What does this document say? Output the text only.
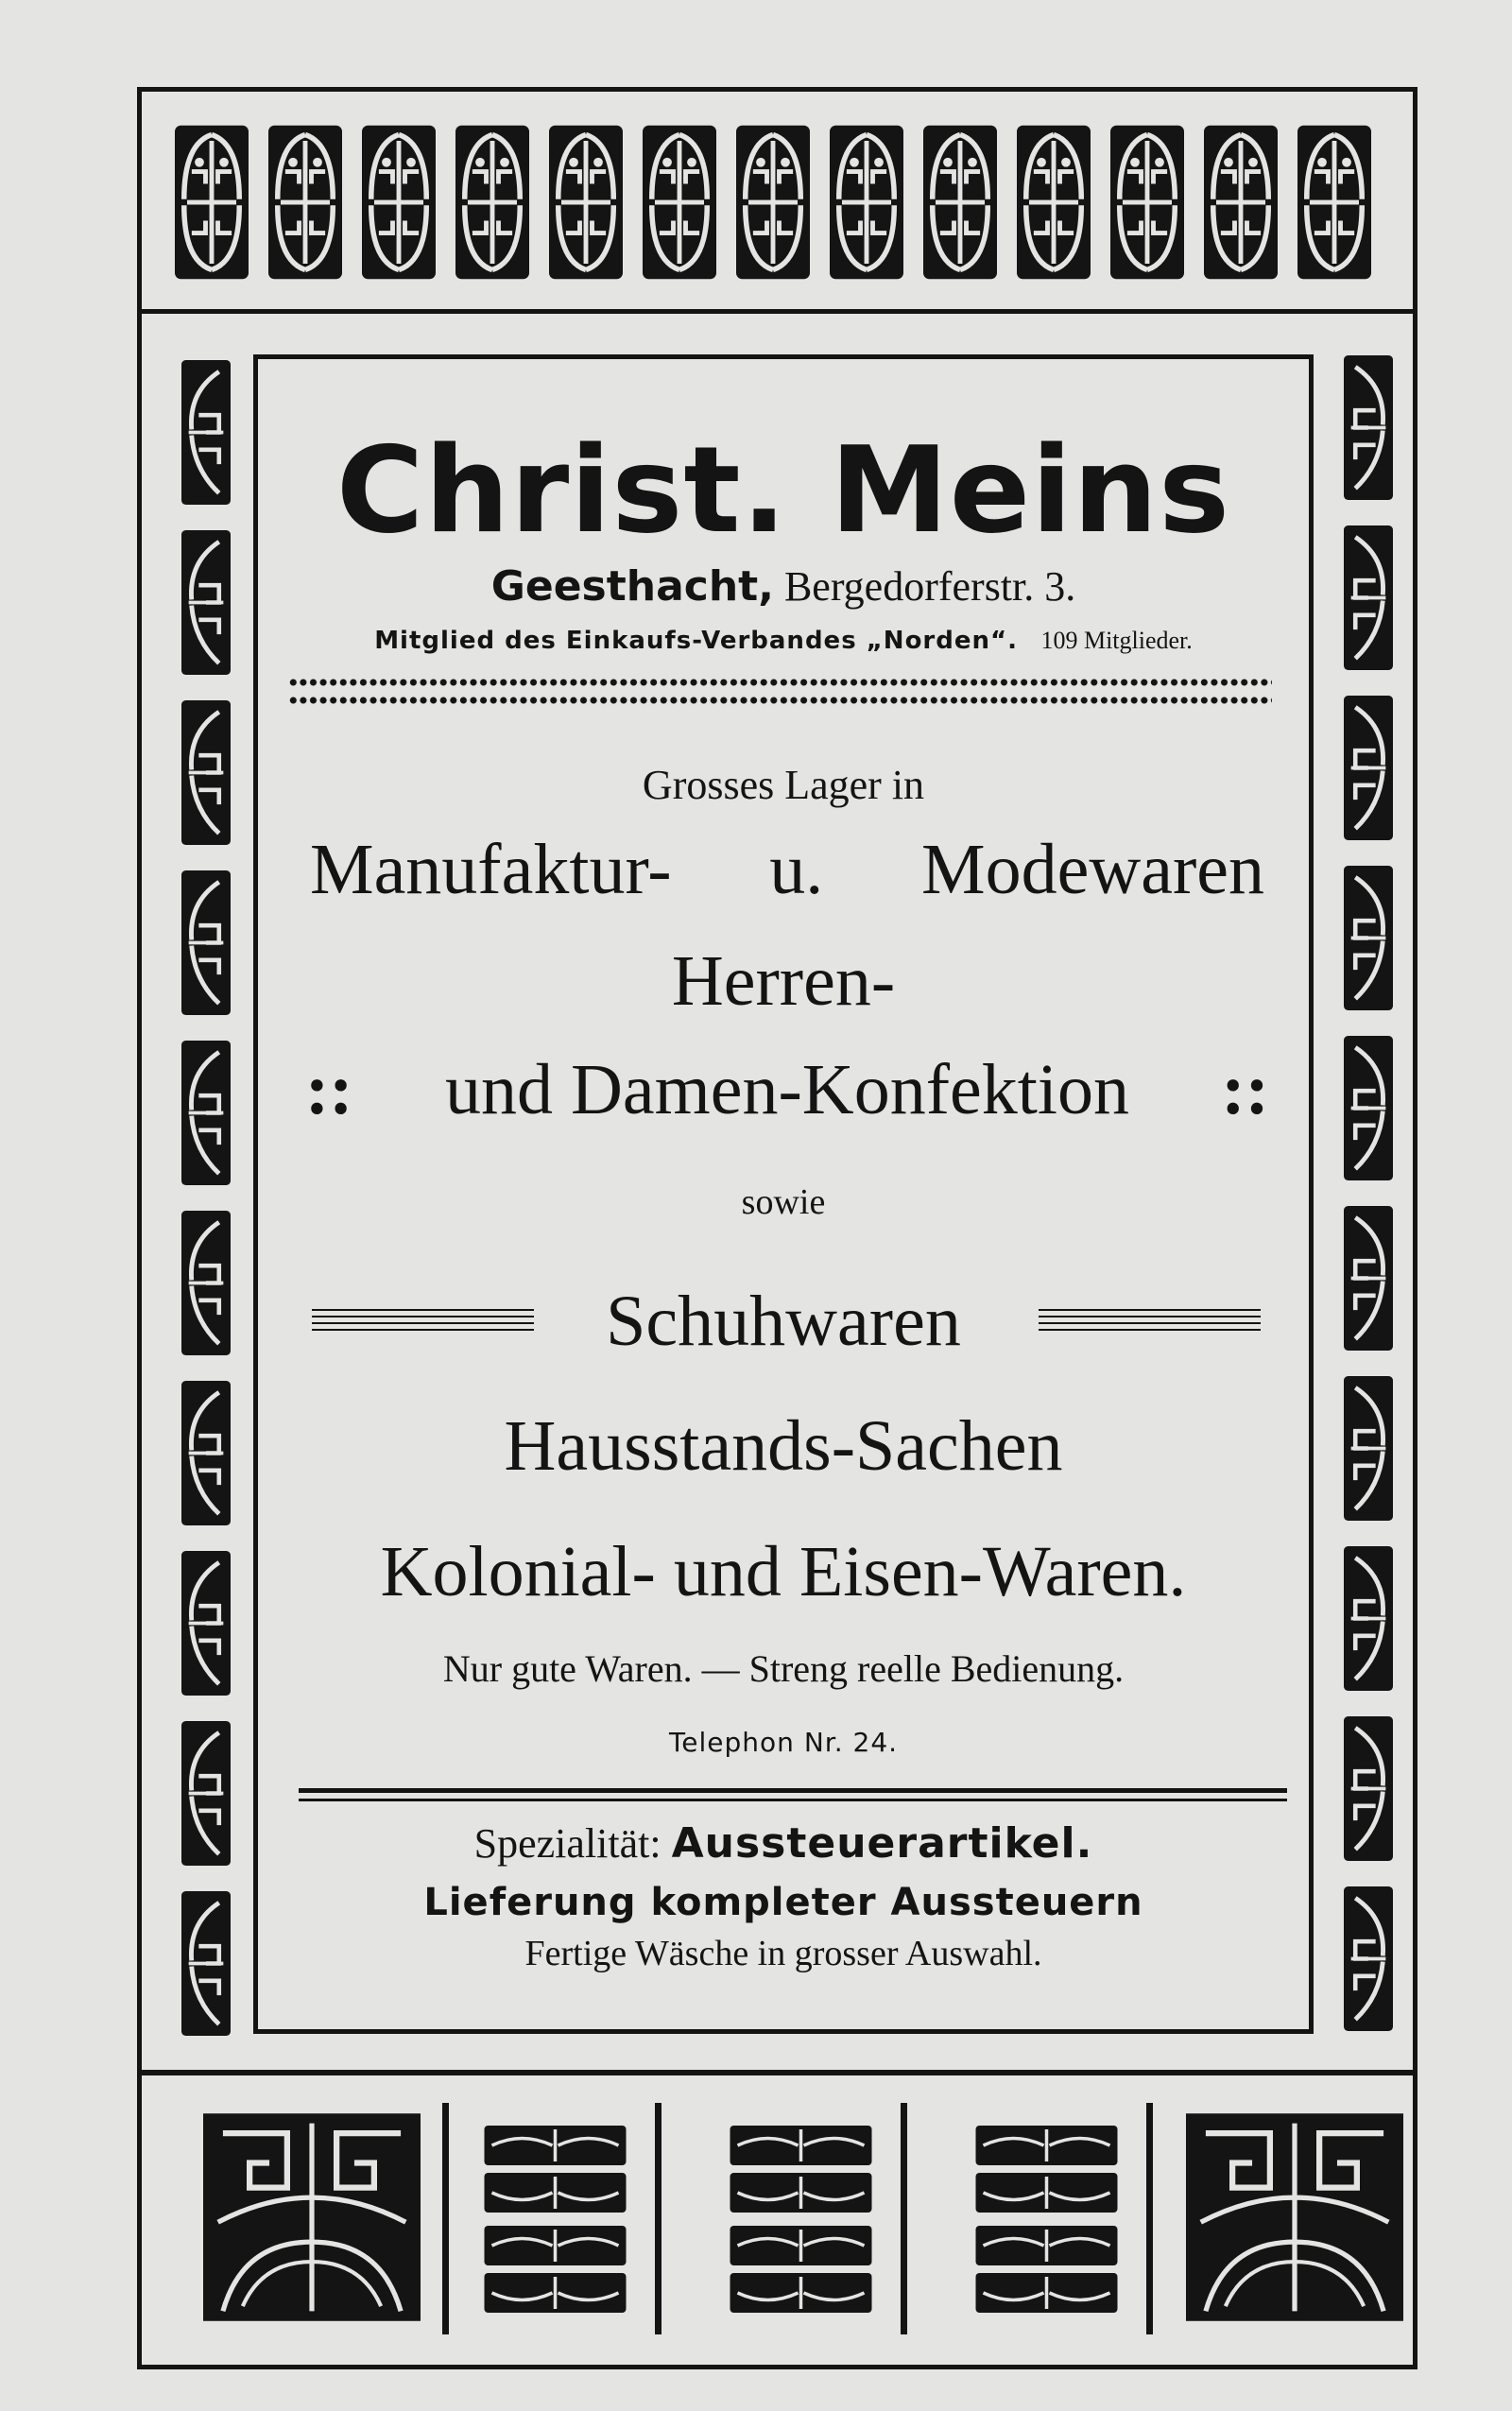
Christ. Meins
Geesthacht, Bergedorferstr. 3.
Mitglied des Einkaufs-Verbandes „Norden“. 109 Mitglieder.
Grosses Lager in
Manufaktur- u. Modewaren
Herren-
:: und Damen-Konfektion ::
sowie
Schuhwaren
Hausstands-Sachen
Kolonial- und Eisen-Waren.
Nur gute Waren. — Streng reelle Bedienung.
Telephon Nr. 24.
Spezialität: Aussteuerartikel.
Lieferung kompleter Aussteuern
Fertige Wäsche in grosser Auswahl.
